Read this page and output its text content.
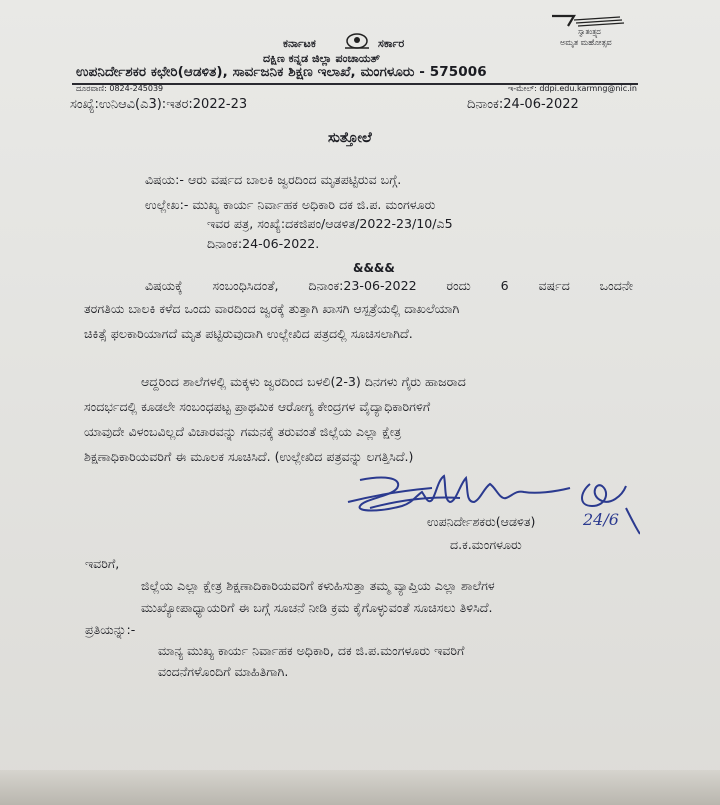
ಸ್ವಾತಂತ್ರ್ಯದ
ಅಮೃತ ಮಹೋತ್ಸವ
ಕರ್ನಾಟಕ	ಸರ್ಕಾರ
ದಕ್ಷಿಣ ಕನ್ನಡ ಜಿಲ್ಲಾ ಪಂಚಾಯತ್
ಉಪನಿರ್ದೇಶಕರ ಕಛೇರಿ(ಆಡಳಿತ), ಸಾರ್ವಜನಿಕ ಶಿಕ್ಷಣ ಇಲಾಖೆ, ಮಂಗಳೂರು - 575006
ದೂರವಾಣಿ: 0824-245039	ಇ-ಮೇಲ್: ddpi.edu.karmng@nic.in
ಸಂಖ್ಯೆ:ಉನಿಆವಿ(ಎ3):ಇತರ:2022-23	ದಿನಾಂಕ:24-06-2022
ಸುತ್ತೋಲೆ
ವಿಷಯ:- ಆರು ವರ್ಷದ ಬಾಲಕಿ ಜ್ವರದಿಂದ ಮೃತಪಟ್ಟಿರುವ ಬಗ್ಗೆ.
ಉಲ್ಲೇಖ:- ಮುಖ್ಯ ಕಾರ್ಯ ನಿರ್ವಾಹಕ ಅಧಿಕಾರಿ ದಕ ಜಿ.ಪ. ಮಂಗಳೂರು
ಇವರ ಪತ್ರ, ಸಂಖ್ಯೆ:ದಕಜಿಪಂ/ಆಡಳಿತ/2022-23/10/ಎ5
ದಿನಾಂಕ:24-06-2022.
&&&&
ವಿಷಯಕ್ಕೆ ಸಂಬಂಧಿಸಿದಂತೆ, ದಿನಾಂಕ:23-06-2022 ರಂದು 6 ವರ್ಷದ ಒಂದನೇ
ತರಗತಿಯ ಬಾಲಕಿ ಕಳೆದ ಒಂದು ವಾರದಿಂದ ಜ್ವರಕ್ಕೆ ತುತ್ತಾಗಿ ಖಾಸಗಿ ಆಸ್ಪತ್ರೆಯಲ್ಲಿ ದಾಖಲೆಯಾಗಿ
ಚಿಕಿತ್ಸೆ ಫಲಕಾರಿಯಾಗದೆ ಮೃತ ಪಟ್ಟಿರುವುದಾಗಿ ಉಲ್ಲೇಖಿದ ಪತ್ರದಲ್ಲಿ ಸೂಚಿಸಲಾಗಿದೆ.
ಆದ್ದರಿಂದ ಶಾಲೆಗಳಲ್ಲಿ ಮಕ್ಕಳು ಜ್ವರದಿಂದ ಬಳಲಿ(2-3) ದಿನಗಳು ಗೈರು ಹಾಜರಾದ
ಸಂದರ್ಭದಲ್ಲಿ ಕೂಡಲೇ ಸಂಬಂಧಪಟ್ಟ ಪ್ರಾಥಮಿಕ ಆರೋಗ್ಯ ಕೇಂದ್ರಗಳ ವೈದ್ಯಾಧಿಕಾರಿಗಳಿಗೆ
ಯಾವುದೇ ವಿಳಂಬವಿಲ್ಲದೆ ವಿಚಾರವನ್ನು ಗಮನಕ್ಕೆ ತರುವಂತೆ ಜಿಲ್ಲೆಯ ಎಲ್ಲಾ ಕ್ಷೇತ್ರ
ಶಿಕ್ಷಣಾಧಿಕಾರಿಯವರಿಗೆ ಈ ಮೂಲಕ ಸೂಚಿಸಿದೆ. (ಉಲ್ಲೇಖಿದ ಪತ್ರವನ್ನು ಲಗತ್ತಿಸಿದೆ.)
ಉಪನಿರ್ದೇಶಕರು(ಆಡಳಿತ)	24/6
ದ.ಕ.ಮಂಗಳೂರು
ಇವರಿಗೆ,
ಜಿಲ್ಲೆಯ ಎಲ್ಲಾ ಕ್ಷೇತ್ರ ಶಿಕ್ಷಣಾದಿಕಾರಿಯವರಿಗೆ ಕಳುಹಿಸುತ್ತಾ ತಮ್ಮ ವ್ಯಾಪ್ತಿಯ ಎಲ್ಲಾ ಶಾಲೆಗಳ
ಮುಖ್ಯೋಪಾಧ್ಯಾಯರಿಗೆ ಈ ಬಗ್ಗೆ ಸೂಚನೆ ನೀಡಿ ಕ್ರಮ ಕೈಗೊಳ್ಳುವಂತೆ ಸೂಚಿಸಲು ತಿಳಿಸಿದೆ.
ಪ್ರತಿಯನ್ನು:-
ಮಾನ್ಯ ಮುಖ್ಯ ಕಾರ್ಯ ನಿರ್ವಾಹಕ ಅಧಿಕಾರಿ, ದಕ ಜಿ.ಪ.ಮಂಗಳೂರು ಇವರಿಗೆ
ವಂದನೆಗಳೊಂದಿಗೆ ಮಾಹಿತಿಗಾಗಿ.
